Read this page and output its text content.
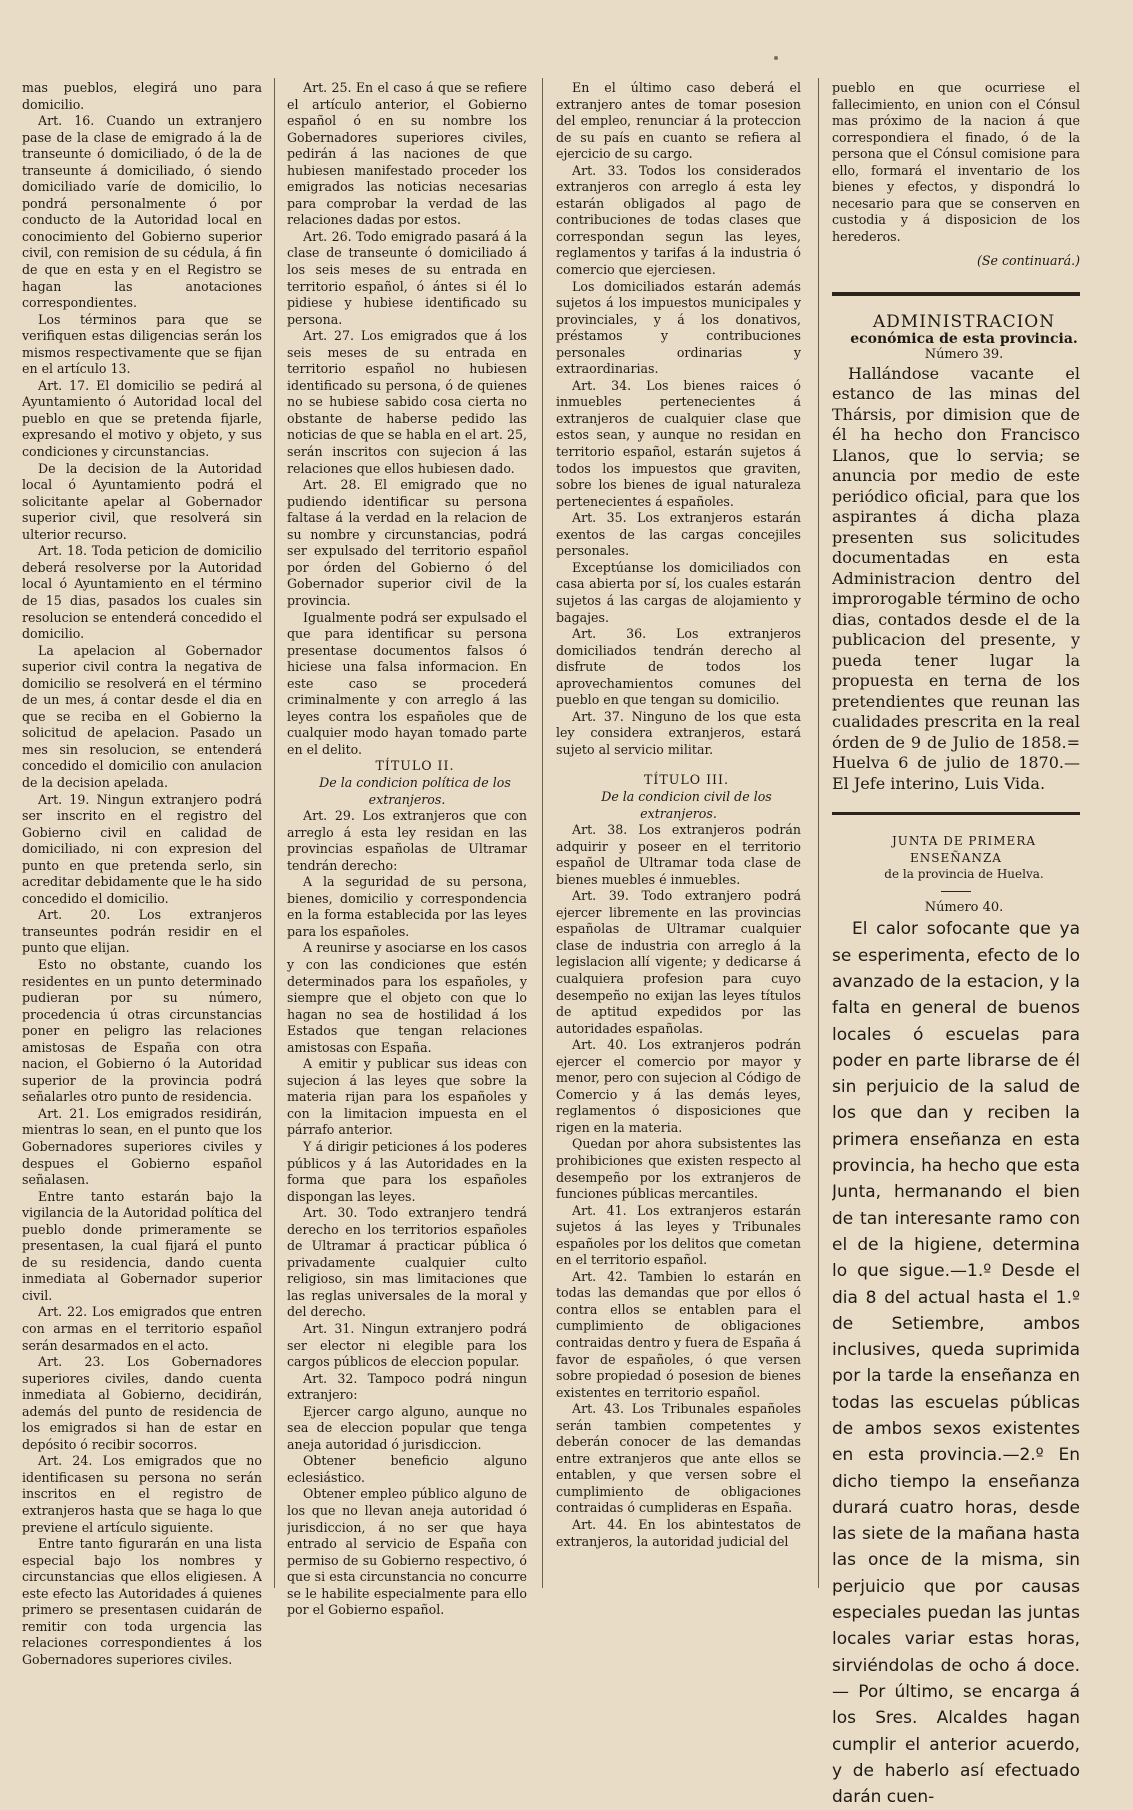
mas pueblos, elegirá uno para domicilio.

Art. 16. Cuando un extranjero pase de la clase de emigrado á la de transeunte ó domiciliado, ó de la de transeunte á domiciliado, ó siendo domiciliado varíe de domicilio, lo pondrá personalmente ó por conducto de la Autoridad local en conocimiento del Gobierno superior civil, con remision de su cédula, á fin de que en esta y en el Registro se hagan las anotaciones correspondientes.

Los términos para que se verifiquen estas diligencias serán los mismos respectivamente que se fijan en el artículo 13.

Art. 17. El domicilio se pedirá al Ayuntamiento ó Autoridad local del pueblo en que se pretenda fijarle, expresando el motivo y objeto, y sus condiciones y circunstancias.

De la decision de la Autoridad local ó Ayuntamiento podrá el solicitante apelar al Gobernador superior civil, que resolverá sin ulterior recurso.

Art. 18. Toda peticion de domicilio deberá resolverse por la Autoridad local ó Ayuntamiento en el término de 15 dias, pasados los cuales sin resolucion se entenderá concedido el domicilio.

La apelacion al Gobernador superior civil contra la negativa de domicilio se resolverá en el término de un mes, á contar desde el dia en que se reciba en el Gobierno la solicitud de apelacion. Pasado un mes sin resolucion, se entenderá concedido el domicilio con anulacion de la decision apelada.

Art. 19. Ningun extranjero podrá ser inscrito en el registro del Gobierno civil en calidad de domiciliado, ni con expresion del punto en que pretenda serlo, sin acreditar debidamente que le ha sido concedido el domicilio.

Art. 20. Los extranjeros transeuntes podrán residir en el punto que elijan.

Esto no obstante, cuando los residentes en un punto determinado pudieran por su número, procedencia ú otras circunstancias poner en peligro las relaciones amistosas de España con otra nacion, el Gobierno ó la Autoridad superior de la provincia podrá señalarles otro punto de residencia.

Art. 21. Los emigrados residirán, mientras lo sean, en el punto que los Gobernadores superiores civiles y despues el Gobierno español señalasen.

Entre tanto estarán bajo la vigilancia de la Autoridad política del pueblo donde primeramente se presentasen, la cual fijará el punto de su residencia, dando cuenta inmediata al Gobernador superior civil.

Art. 22. Los emigrados que entren con armas en el territorio español serán desarmados en el acto.

Art. 23. Los Gobernadores superiores civiles, dando cuenta inmediata al Gobierno, decidirán, además del punto de residencia de los emigrados si han de estar en depósito ó recibir socorros.

Art. 24. Los emigrados que no identificasen su persona no serán inscritos en el registro de extranjeros hasta que se haga lo que previene el artículo siguiente.

Entre tanto figurarán en una lista especial bajo los nombres y circunstancias que ellos eligiesen. A este efecto las Autoridades á quienes primero se presentasen cuidarán de remitir con toda urgencia las relaciones correspondientes á los Gobernadores superiores civiles.

Art. 25. En el caso á que se refiere el artículo anterior, el Gobierno español ó en su nombre los Gobernadores superiores civiles, pedirán á las naciones de que hubiesen manifestado proceder los emigrados las noticias necesarias para comprobar la verdad de las relaciones dadas por estos.

Art. 26. Todo emigrado pasará á la clase de transeunte ó domiciliado á los seis meses de su entrada en territorio español, ó ántes si él lo pidiese y hubiese identificado su persona.

Art. 27. Los emigrados que á los seis meses de su entrada en territorio español no hubiesen identificado su persona, ó de quienes no se hubiese sabido cosa cierta no obstante de haberse pedido las noticias de que se habla en el art. 25, serán inscritos con sujecion á las relaciones que ellos hubiesen dado.

Art. 28. El emigrado que no pudiendo identificar su persona faltase á la verdad en la relacion de su nombre y circunstancias, podrá ser expulsado del territorio español por órden del Gobierno ó del Gobernador superior civil de la provincia.

Igualmente podrá ser expulsado el que para identificar su persona presentase documentos falsos ó hiciese una falsa informacion. En este caso se procederá criminalmente y con arreglo á las leyes contra los españoles que de cualquier modo hayan tomado parte en el delito.

TÍTULO II.

De la condicion política de los extranjeros.

Art. 29. Los extranjeros que con arreglo á esta ley residan en las provincias españolas de Ultramar tendrán derecho:

A la seguridad de su persona, bienes, domicilio y correspondencia en la forma establecida por las leyes para los españoles.

A reunirse y asociarse en los casos y con las condiciones que estén determinados para los españoles, y siempre que el objeto con que lo hagan no sea de hostilidad á los Estados que tengan relaciones amistosas con España.

A emitir y publicar sus ideas con sujecion á las leyes que sobre la materia rijan para los españoles y con la limitacion impuesta en el párrafo anterior.

Y á dirigir peticiones á los poderes públicos y á las Autoridades en la forma que para los españoles dispongan las leyes.

Art. 30. Todo extranjero tendrá derecho en los territorios españoles de Ultramar á practicar pública ó privadamente cualquier culto religioso, sin mas limitaciones que las reglas universales de la moral y del derecho.

Art. 31. Ningun extranjero podrá ser elector ni elegible para los cargos públicos de eleccion popular.

Art. 32. Tampoco podrá ningun extranjero:

Ejercer cargo alguno, aunque no sea de eleccion popular que tenga aneja autoridad ó jurisdiccion.

Obtener beneficio alguno eclesiástico.

Obtener empleo público alguno de los que no llevan aneja autoridad ó jurisdiccion, á no ser que haya entrado al servicio de España con permiso de su Gobierno respectivo, ó que si esta circunstancia no concurre se le habilite especialmente para ello por el Gobierno español.

En el último caso deberá el extranjero antes de tomar posesion del empleo, renunciar á la proteccion de su país en cuanto se refiera al ejercicio de su cargo.

Art. 33. Todos los considerados extranjeros con arreglo á esta ley estarán obligados al pago de contribuciones de todas clases que correspondan segun las leyes, reglamentos y tarifas á la industria ó comercio que ejerciesen.

Los domiciliados estarán además sujetos á los impuestos municipales y provinciales, y á los donativos, préstamos y contribuciones personales ordinarias y extraordinarias.

Art. 34. Los bienes raices ó inmuebles pertenecientes á extranjeros de cualquier clase que estos sean, y aunque no residan en territorio español, estarán sujetos á todos los impuestos que graviten, sobre los bienes de igual naturaleza pertenecientes á españoles.

Art. 35. Los extranjeros estarán exentos de las cargas concejiles personales.

Exceptúanse los domiciliados con casa abierta por sí, los cuales estarán sujetos á las cargas de alojamiento y bagajes.

Art. 36. Los extranjeros domiciliados tendrán derecho al disfrute de todos los aprovechamientos comunes del pueblo en que tengan su domicilio.

Art. 37. Ninguno de los que esta ley considera extranjeros, estará sujeto al servicio militar.

TÍTULO III.

De la condicion civil de los extranjeros.

Art. 38. Los extranjeros podrán adquirir y poseer en el territorio español de Ultramar toda clase de bienes muebles é inmuebles.

Art. 39. Todo extranjero podrá ejercer libremente en las provincias españolas de Ultramar cualquier clase de industria con arreglo á la legislacion allí vigente; y dedicarse á cualquiera profesion para cuyo desempeño no exijan las leyes títulos de aptitud expedidos por las autoridades españolas.

Art. 40. Los extranjeros podrán ejercer el comercio por mayor y menor, pero con sujecion al Código de Comercio y á las demás leyes, reglamentos ó disposiciones que rigen en la materia.

Quedan por ahora subsistentes las prohibiciones que existen respecto al desempeño por los extranjeros de funciones públicas mercantiles.

Art. 41. Los extranjeros estarán sujetos á las leyes y Tribunales españoles por los delitos que cometan en el territorio español.

Art. 42. Tambien lo estarán en todas las demandas que por ellos ó contra ellos se entablen para el cumplimiento de obligaciones contraidas dentro y fuera de España á favor de españoles, ó que versen sobre propiedad ó posesion de bienes existentes en territorio español.

Art. 43. Los Tribunales españoles serán tambien competentes y deberán conocer de las demandas entre extranjeros que ante ellos se entablen, y que versen sobre el cumplimiento de obligaciones contraidas ó cumplideras en España.

Art. 44. En los abintestatos de extranjeros, la autoridad judicial del

pueblo en que ocurriese el fallecimiento, en union con el Cónsul mas próximo de la nacion á que correspondiera el finado, ó de la persona que el Cónsul comisione para ello, formará el inventario de los bienes y efectos, y dispondrá lo necesario para que se conserven en custodia y á disposicion de los herederos.

(Se continuará.)

ADMINISTRACION

económica de esta provincia.

Número 39.

Hallándose vacante el estanco de las minas del Thársis, por dimision que de él ha hecho don Francisco Llanos, que lo servia; se anuncia por medio de este periódico oficial, para que los aspirantes á dicha plaza presenten sus solicitudes documentadas en esta Administracion dentro del improrogable término de ocho dias, contados desde el de la publicacion del presente, y pueda tener lugar la propuesta en terna de los pretendientes que reunan las cualidades prescrita en la real órden de 9 de Julio de 1858.= Huelva 6 de julio de 1870.— El Jefe interino, Luis Vida.

JUNTA DE PRIMERA ENSEÑANZA

de la provincia de Huelva.

Número 40.

El calor sofocante que ya se esperimenta, efecto de lo avanzado de la estacion, y la falta en general de buenos locales ó escuelas para poder en parte librarse de él sin perjuicio de la salud de los que dan y reciben la primera enseñanza en esta provincia, ha hecho que esta Junta, hermanando el bien de tan interesante ramo con el de la higiene, determina lo que sigue.—1.º Desde el dia 8 del actual hasta el 1.º de Setiembre, ambos inclusives, queda suprimida por la tarde la enseñanza en todas las escuelas públicas de ambos sexos existentes en esta provincia.—2.º En dicho tiempo la enseñanza durará cuatro horas, desde las siete de la mañana hasta las once de la misma, sin perjuicio que por causas especiales puedan las juntas locales variar estas horas, sirviéndolas de ocho á doce.— Por último, se encarga á los Sres. Alcaldes hagan cumplir el anterior acuerdo, y de haberlo así efectuado darán cuen-
